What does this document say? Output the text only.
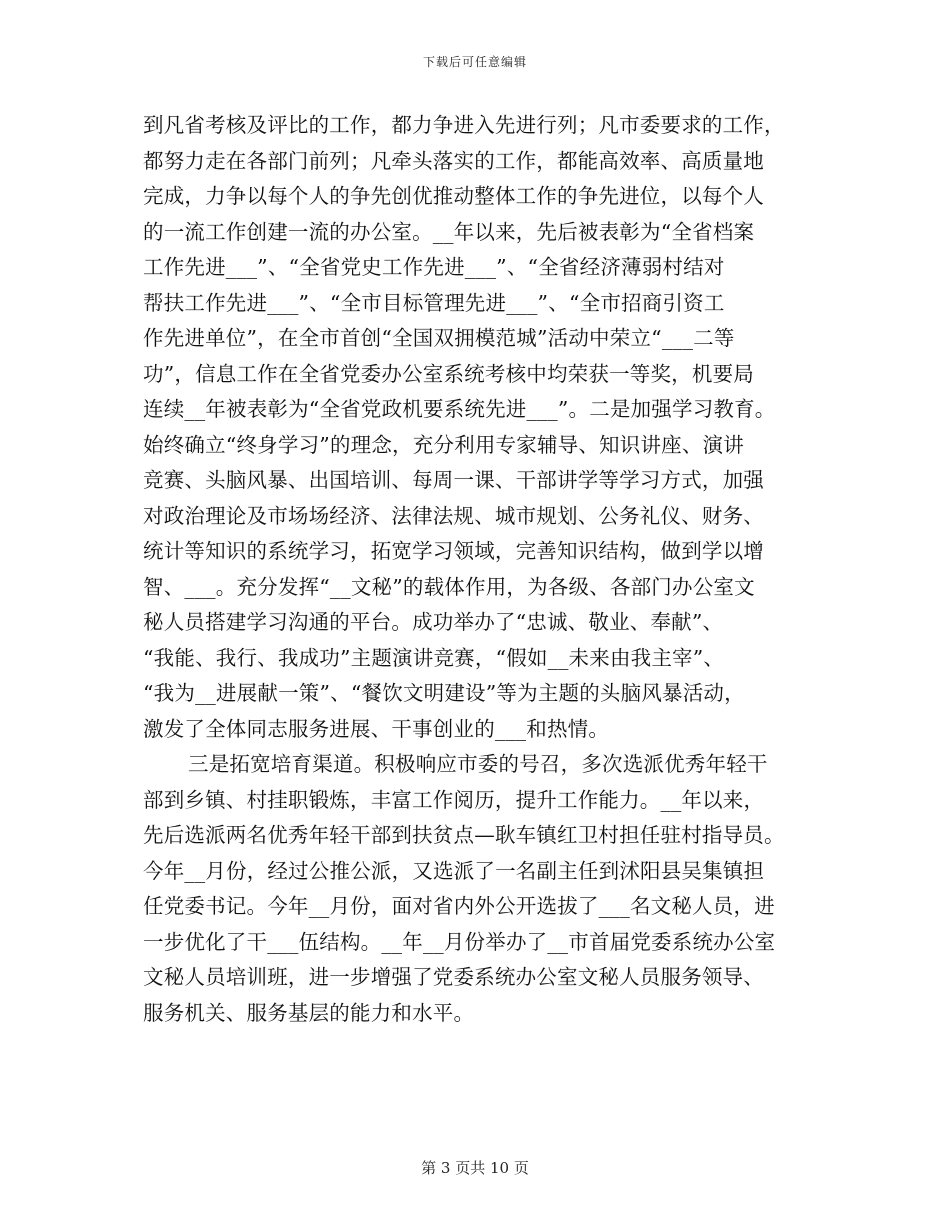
下载后可任意编辑
到凡省考核及评比的工作，都力争进入先进行列；凡市委要求的工作，
都努力走在各部门前列；凡牵头落实的工作，都能高效率、高质量地
完成，力争以每个人的争先创优推动整体工作的争先进位，以每个人
的一流工作创建一流的办公室。__年以来，先后被表彰为“全省档案
工作先进___”、“全省党史工作先进___”、“全省经济薄弱村结对
帮扶工作先进___”、“全市目标管理先进___”、“全市招商引资工
作先进单位”，在全市首创“全国双拥模范城”活动中荣立“___二等
功”，信息工作在全省党委办公室系统考核中均荣获一等奖，机要局
连续__年被表彰为“全省党政机要系统先进___”。二是加强学习教育。
始终确立“终身学习”的理念，充分利用专家辅导、知识讲座、演讲
竞赛、头脑风暴、出国培训、每周一课、干部讲学等学习方式，加强
对政治理论及市场场经济、法律法规、城市规划、公务礼仪、财务、
统计等知识的系统学习，拓宽学习领域，完善知识结构，做到学以增
智、___。充分发挥“__文秘”的载体作用，为各级、各部门办公室文
秘人员搭建学习沟通的平台。成功举办了“忠诚、敬业、奉献”、
“我能、我行、我成功”主题演讲竞赛，“假如__未来由我主宰”、
“我为__进展献一策”、“餐饮文明建设”等为主题的头脑风暴活动，
激发了全体同志服务进展、干事创业的___和热情。
三是拓宽培育渠道。积极响应市委的号召，多次选派优秀年轻干
部到乡镇、村挂职锻炼，丰富工作阅历，提升工作能力。__年以来，
先后选派两名优秀年轻干部到扶贫点—耿车镇红卫村担任驻村指导员。
今年__月份，经过公推公派，又选派了一名副主任到沭阳县吴集镇担
任党委书记。今年__月份，面对省内外公开选拔了___名文秘人员，进
一步优化了干___伍结构。__年__月份举办了__市首届党委系统办公室
文秘人员培训班，进一步增强了党委系统办公室文秘人员服务领导、
服务机关、服务基层的能力和水平。
第 3 页共 10 页
